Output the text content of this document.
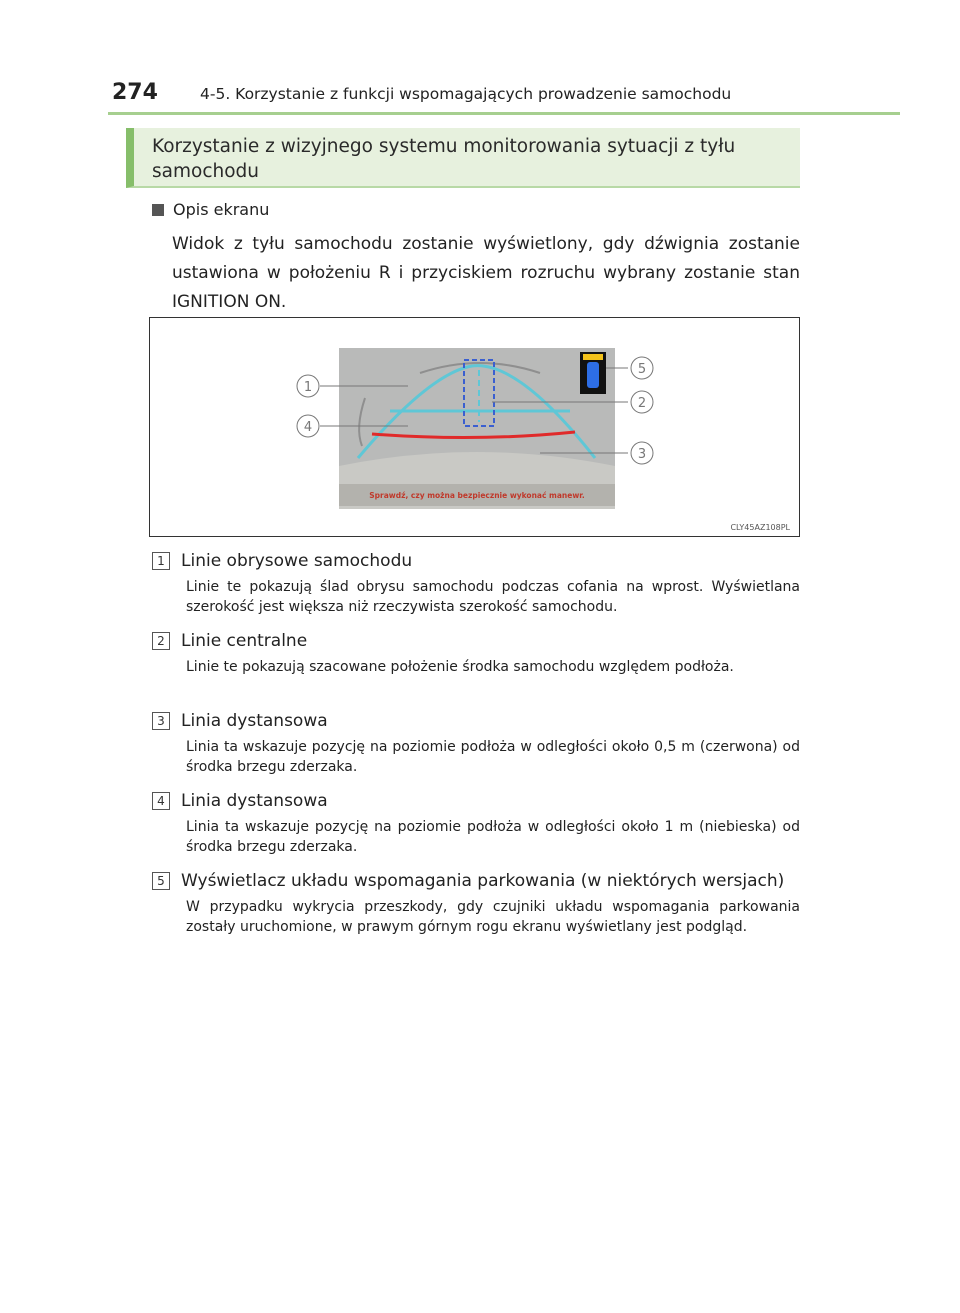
274	4-5. Korzystanie z funkcji wspomagających prowadzenie samochodu
Korzystanie z wizyjnego systemu monitorowania sytuacji z tyłu samochodu
Opis ekranu
Widok z tyłu samochodu zostanie wyświetlony, gdy dźwignia zostanie ustawiona w położeniu R i przyciskiem rozruchu wybrany zostanie stan IGNITION ON.
Sprawdź, czy można bezpiecznie wykonać manewr.
1
4
2
3
5
CLY45AZ108PL
1 Linie obrysowe samochodu
Linie te pokazują ślad obrysu samochodu podczas cofania na wprost. Wyświetlana szerokość jest większa niż rzeczywista szerokość samochodu.
2 Linie centralne
Linie te pokazują szacowane położenie środka samochodu względem podłoża.
3 Linia dystansowa
Linia ta wskazuje pozycję na poziomie podłoża w odległości około 0,5 m (czerwona) od środka brzegu zderzaka.
4 Linia dystansowa
Linia ta wskazuje pozycję na poziomie podłoża w odległości około 1 m (niebieska) od środka brzegu zderzaka.
5 Wyświetlacz układu wspomagania parkowania (w niektórych wersjach)
W przypadku wykrycia przeszkody, gdy czujniki układu wspomagania parkowania zostały uruchomione, w prawym górnym rogu ekranu wyświetlany jest podgląd.
